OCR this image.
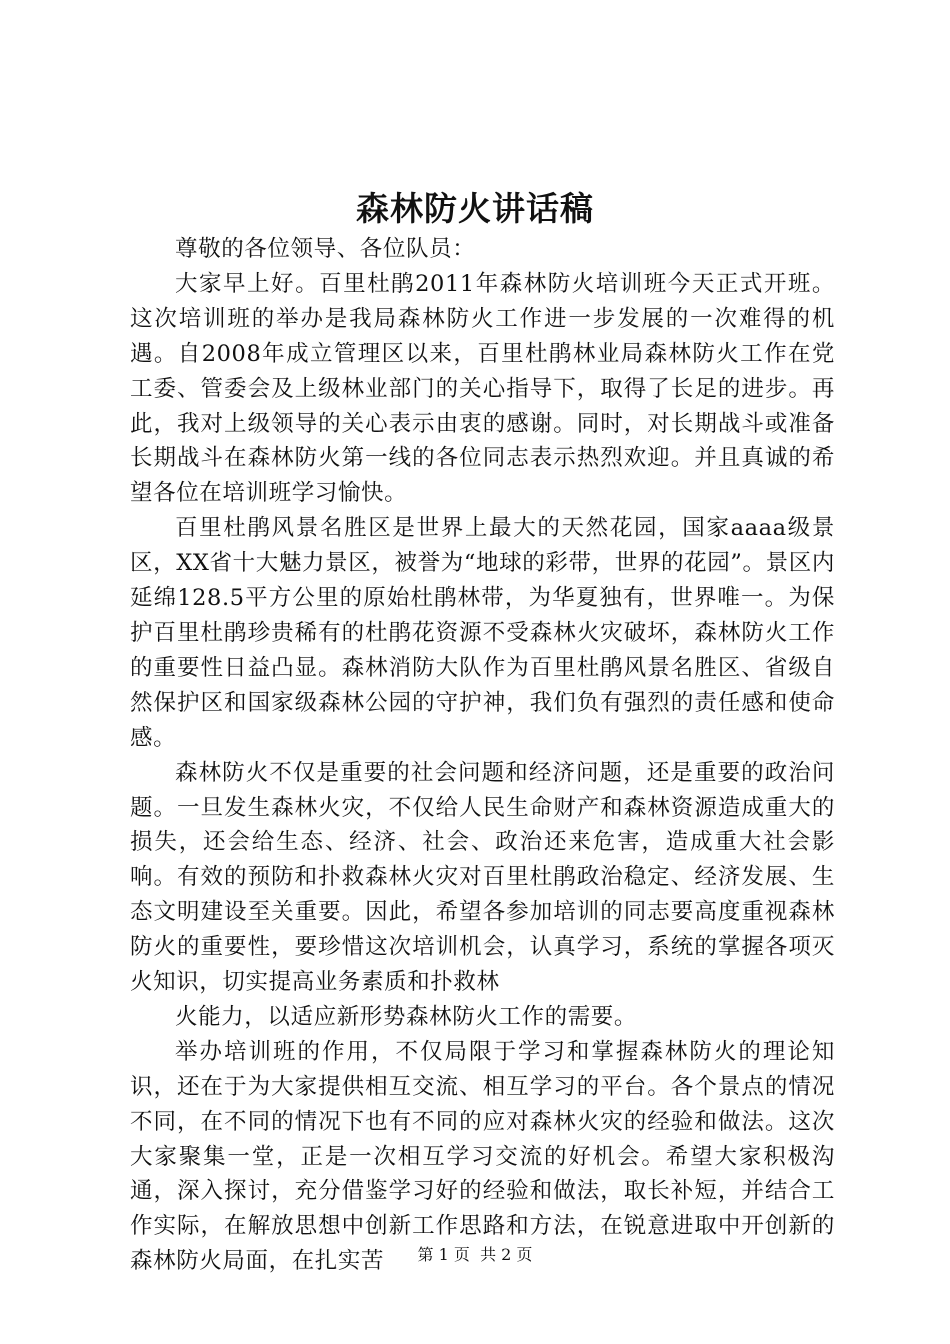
森林防火讲话稿

尊敬的各位领导、各位队员：

大家早上好。百里杜鹃2011年森林防火培训班今天正式开班。这次培训班的举办是我局森林防火工作进一步发展的一次难得的机遇。自2008年成立管理区以来，百里杜鹃林业局森林防火工作在党工委、管委会及上级林业部门的关心指导下，取得了长足的进步。再此，我对上级领导的关心表示由衷的感谢。同时，对长期战斗或准备长期战斗在森林防火第一线的各位同志表示热烈欢迎。并且真诚的希望各位在培训班学习愉快。

百里杜鹃风景名胜区是世界上最大的天然花园，国家aaaa级景区，XX省十大魅力景区，被誉为“地球的彩带，世界的花园”。景区内延绵128.5平方公里的原始杜鹃林带，为华夏独有，世界唯一。为保护百里杜鹃珍贵稀有的杜鹃花资源不受森林火灾破坏，森林防火工作的重要性日益凸显。森林消防大队作为百里杜鹃风景名胜区、省级自然保护区和国家级森林公园的守护神，我们负有强烈的责任感和使命感。

森林防火不仅是重要的社会问题和经济问题，还是重要的政治问题。一旦发生森林火灾，不仅给人民生命财产和森林资源造成重大的损失，还会给生态、经济、社会、政治还来危害，造成重大社会影响。有效的预防和扑救森林火灾对百里杜鹃政治稳定、经济发展、生态文明建设至关重要。因此，希望各参加培训的同志要高度重视森林防火的重要性，要珍惜这次培训机会，认真学习，系统的掌握各项灭火知识，切实提高业务素质和扑救林

火能力，以适应新形势森林防火工作的需要。

举办培训班的作用，不仅局限于学习和掌握森林防火的理论知识，还在于为大家提供相互交流、相互学习的平台。各个景点的情况不同，在不同的情况下也有不同的应对森林火灾的经验和做法。这次大家聚集一堂，正是一次相互学习交流的好机会。希望大家积极沟通，深入探讨，充分借鉴学习好的经验和做法，取长补短，并结合工作实际，在解放思想中创新工作思路和方法，在锐意进取中开创新的森林防火局面，在扎实苦	第 1 页  共 2 页
